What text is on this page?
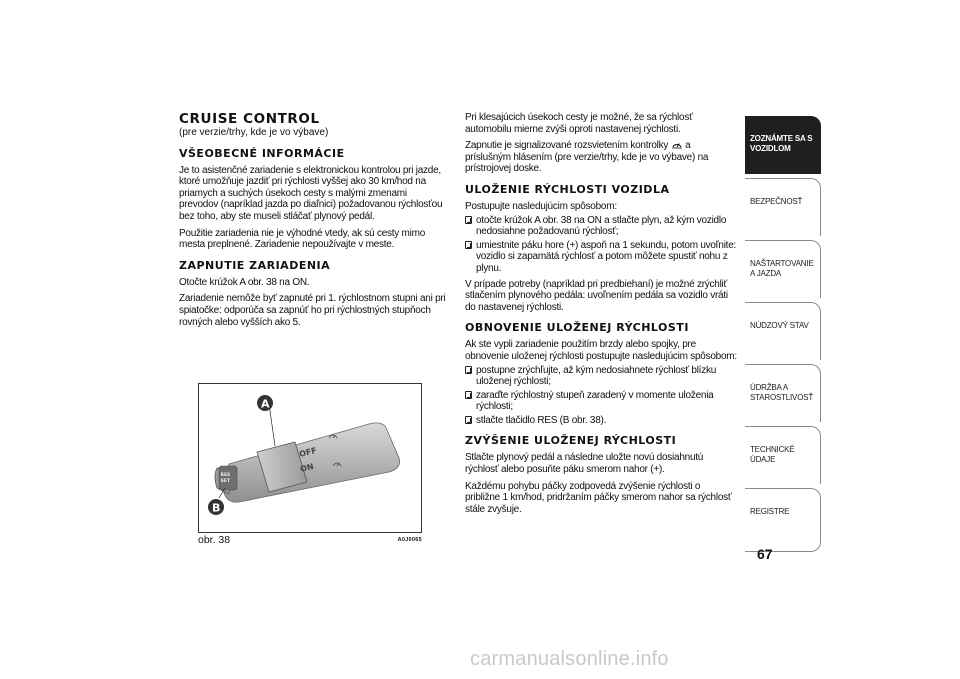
CRUISE CONTROL
(pre verzie/trhy, kde je vo výbave)
VŠEOBECNÉ INFORMÁCIE

Je to asistenčné zariadenie s elektronickou kontrolou pri jazde, ktoré umožňuje jazdiť pri rýchlosti vyššej ako 30 km/hod na priamych a suchých úsekoch cesty s malými zmenami prevodov (napríklad jazda po diaľnici) požadovanou rýchlosťou bez toho, aby ste museli stláčať plynový pedál.

Použitie zariadenia nie je výhodné vtedy, ak sú cesty mimo mesta preplnené. Zariadenie nepoužívajte v meste.

ZAPNUTIE ZARIADENIA

Otočte krúžok A obr. 38 na ON.

Zariadenie nemôže byť zapnuté pri 1. rýchlostnom stupni ani pri spiatočke: odporúča sa zapnúť ho pri rýchlostných stupňoch rovných alebo vyšších ako 5.

RES
SET
OFF
ON
A
B
obr. 38	A0J0065

Pri klesajúcich úsekoch cesty je možné, že sa rýchlosť automobilu mierne zvýši oproti nastavenej rýchlosti.

Zapnutie je signalizované rozsvietením kontrolky a príslušným hlásením (pre verzie/trhy, kde je vo výbave) na prístrojovej doske.

ULOŽENIE RÝCHLOSTI VOZIDLA

Postupujte nasledujúcim spôsobom:

otočte krúžok A obr. 38 na ON a stlačte plyn, až kým vozidlo nedosiahne požadovanú rýchlosť;
umiestnite páku hore (+) aspoň na 1 sekundu, potom uvoľnite: vozidlo si zapamätá rýchlosť a potom môžete spustiť nohu z plynu.

V prípade potreby (napríklad pri predbiehaní) je možné zrýchliť stlačením plynového pedála: uvoľnením pedála sa vozidlo vráti do nastavenej rýchlosti.

OBNOVENIE ULOŽENEJ RÝCHLOSTI

Ak ste vypli zariadenie použitím brzdy alebo spojky, pre obnovenie uloženej rýchlosti postupujte nasledujúcim spôsobom:

postupne zrýchľujte, až kým nedosiahnete rýchlosť blízku uloženej rýchlosti;
zaraďte rýchlostný stupeň zaradený v momente uloženia rýchlosti;
stlačte tlačidlo RES (B obr. 38).
ZVÝŠENIE ULOŽENEJ RÝCHLOSTI

Stlačte plynový pedál a následne uložte novú dosiahnutú rýchlosť alebo posuňte páku smerom nahor (+).

Každému pohybu páčky zodpovedá zvýšenie rýchlosti o približne 1 km/hod, pridržaním páčky smerom nahor sa rýchlosť stále zvyšuje.

ZOZNÁMTE SA S VOZIDLOM
BEZPEČNOSŤ
NAŠTARTOVANIE A JAZDA
NÚDZOVÝ STAV
ÚDRŽBA A STAROSTLIVOSŤ
TECHNICKÉ ÚDAJE
REGISTRE
67
carmanualsonline.info
